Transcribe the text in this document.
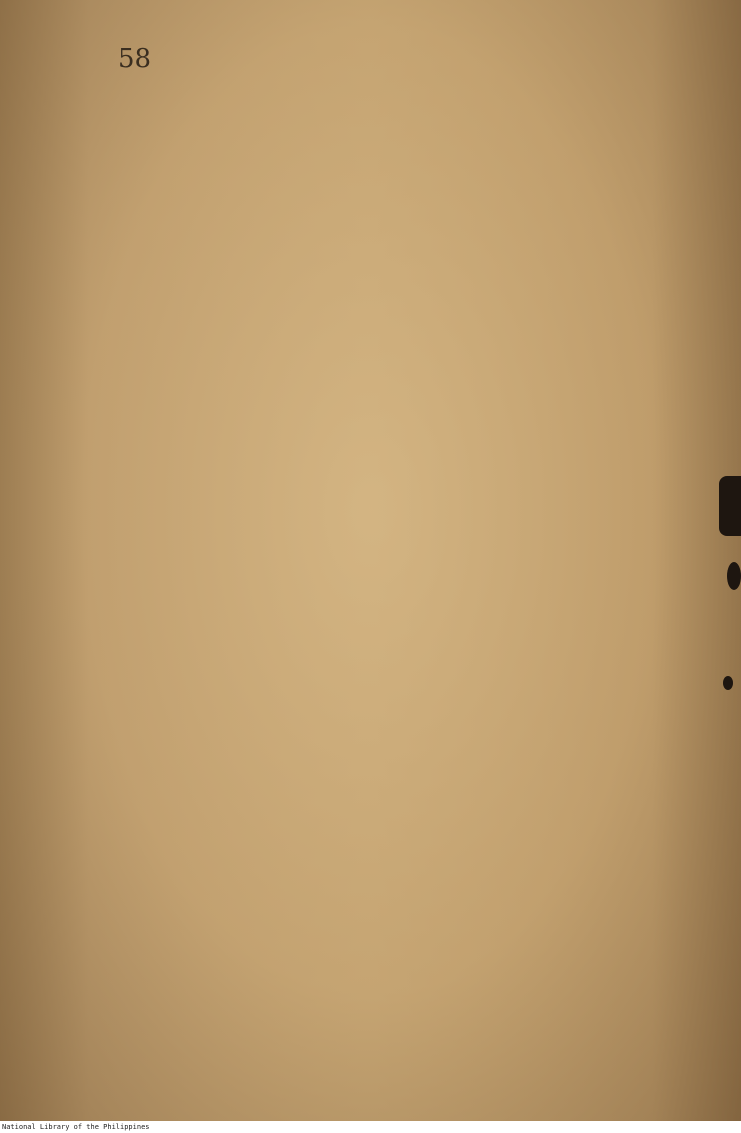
58
National Library of the Philippines
